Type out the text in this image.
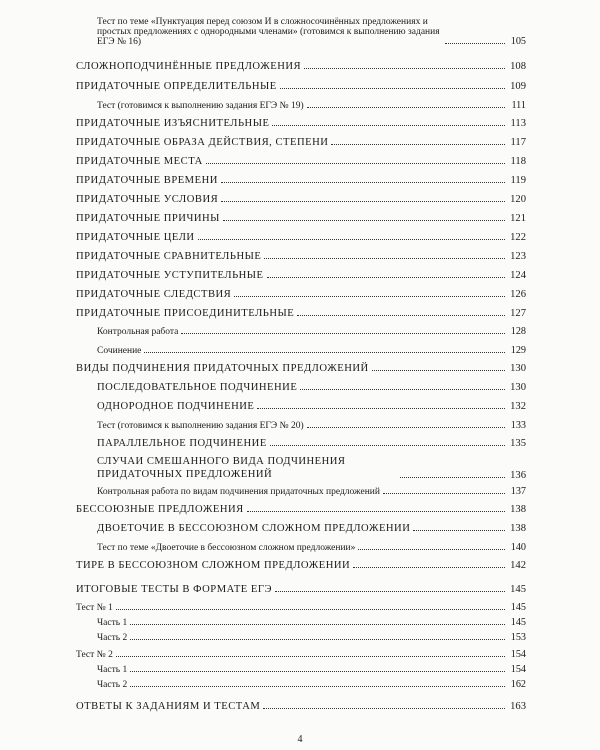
Тест по теме «Пунктуация перед союзом И в сложносочинённых предложениях и простых предложениях с однородными членами» (готовимся к выполнению задания ЕГЭ № 16)	105
СЛОЖНОПОДЧИНЁННЫЕ ПРЕДЛОЖЕНИЯ	108
ПРИДАТОЧНЫЕ ОПРЕДЕЛИТЕЛЬНЫЕ	109
Тест (готовимся к выполнению задания ЕГЭ № 19)	111
ПРИДАТОЧНЫЕ ИЗЪЯСНИТЕЛЬНЫЕ	113
ПРИДАТОЧНЫЕ ОБРАЗА ДЕЙСТВИЯ, СТЕПЕНИ	117
ПРИДАТОЧНЫЕ МЕСТА	118
ПРИДАТОЧНЫЕ ВРЕМЕНИ	119
ПРИДАТОЧНЫЕ УСЛОВИЯ	120
ПРИДАТОЧНЫЕ ПРИЧИНЫ	121
ПРИДАТОЧНЫЕ ЦЕЛИ	122
ПРИДАТОЧНЫЕ СРАВНИТЕЛЬНЫЕ	123
ПРИДАТОЧНЫЕ УСТУПИТЕЛЬНЫЕ	124
ПРИДАТОЧНЫЕ СЛЕДСТВИЯ	126
ПРИДАТОЧНЫЕ ПРИСОЕДИНИТЕЛЬНЫЕ	127
Контрольная работа	128
Сочинение	129
ВИДЫ ПОДЧИНЕНИЯ ПРИДАТОЧНЫХ ПРЕДЛОЖЕНИЙ	130
ПОСЛЕДОВАТЕЛЬНОЕ ПОДЧИНЕНИЕ	130
ОДНОРОДНОЕ ПОДЧИНЕНИЕ	132
Тест (готовимся к выполнению задания ЕГЭ № 20)	133
ПАРАЛЛЕЛЬНОЕ ПОДЧИНЕНИЕ	135
СЛУЧАИ СМЕШАННОГО ВИДА ПОДЧИНЕНИЯ ПРИДАТОЧНЫХ ПРЕДЛОЖЕНИЙ	136
Контрольная работа по видам подчинения придаточных предложений	137
БЕССОЮЗНЫЕ ПРЕДЛОЖЕНИЯ	138
ДВОЕТОЧИЕ В БЕССОЮЗНОМ СЛОЖНОМ ПРЕДЛОЖЕНИИ	138
Тест по теме «Двоеточие в бессоюзном сложном предложении»	140
ТИРЕ В БЕССОЮЗНОМ СЛОЖНОМ ПРЕДЛОЖЕНИИ	142
ИТОГОВЫЕ ТЕСТЫ В ФОРМАТЕ ЕГЭ	145
Тест № 1	145
Часть 1	145
Часть 2	153
Тест № 2	154
Часть 1	154
Часть 2	162
ОТВЕТЫ К ЗАДАНИЯМ И ТЕСТАМ	163
4
